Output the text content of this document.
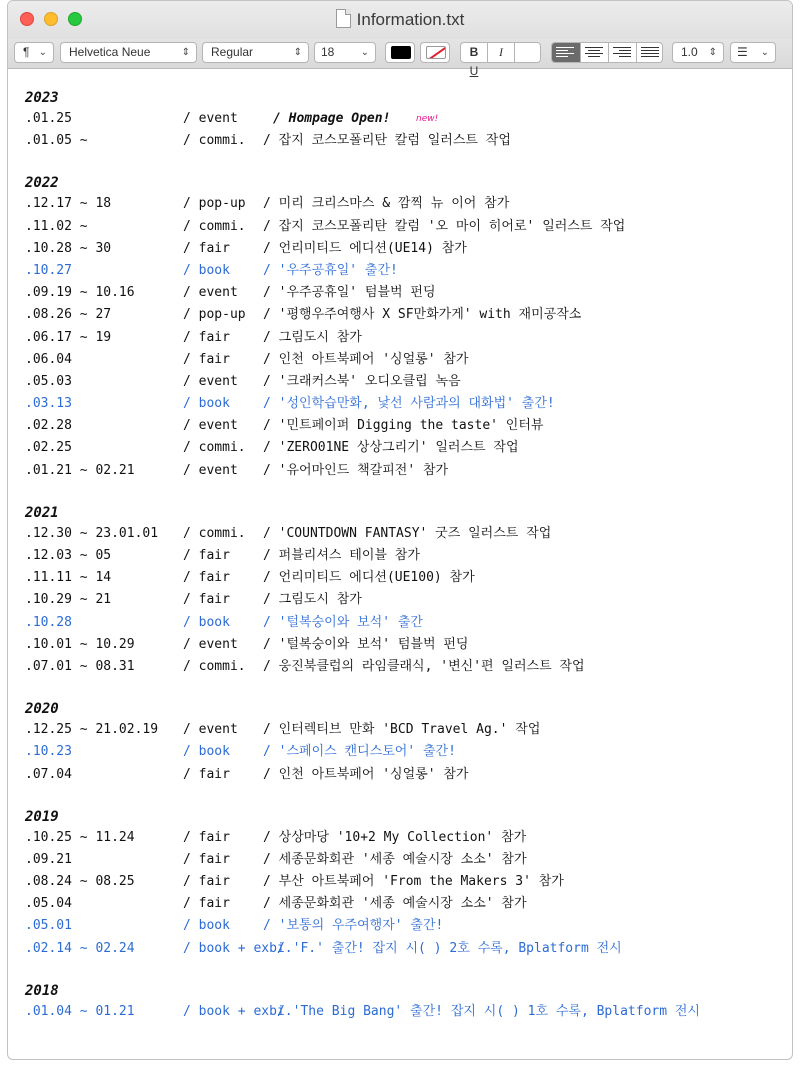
Information.txt
¶ ⌄ Helvetica Neue	⇕ Regular	⇕ 18	⌄	B IU
1.0 ⇕ ☰ ⌄
2023
.01.25	/ event	/ Hompage Open!	new!
.01.05 ~	/ commi. / 잡지 코스모폴리탄 칼럼 일러스트 작업
2022
.12.17 ~ 18	/ pop-up / 미리 크리스마스 & 깜찍 뉴 이어 참가
.11.02 ~	/ commi. / 잡지 코스모폴리탄 칼럼 '오 마이 히어로' 일러스트 작업
.10.28 ~ 30	/ fair	/ 언리미티드 에디션(UE14) 참가
.10.27	/ book	/ '우주공휴일' 출간!
.09.19 ~ 10.16	/ event / '우주공휴일' 텀블벅 펀딩
.08.26 ~ 27	/ pop-up / '평행우주여행사 X SF만화가게' with 재미공작소
.06.17 ~ 19	/ fair	/ 그림도시 참가
.06.04	/ fair	/ 인천 아트북페어 '싱얼롱' 참가
.05.03	/ event / '크래커스북' 오디오클립 녹음
.03.13	/ book	/ '성인학습만화, 낯선 사람과의 대화법' 출간!
.02.28	/ event / '민트페이퍼 Digging the taste' 인터뷰
.02.25	/ commi. / 'ZERO01NE 상상그리기' 일러스트 작업
.01.21 ~ 02.21	/ event / '유어마인드 책갈피전' 참가
2021
.12.30 ~ 23.01.01 / commi. / 'COUNTDOWN FANTASY' 굿즈 일러스트 작업
.12.03 ~ 05	/ fair	/ 퍼블리셔스 테이블 참가
.11.11 ~ 14	/ fair	/ 언리미티드 에디션(UE100) 참가
.10.29 ~ 21	/ fair	/ 그림도시 참가
.10.28	/ book	/ '털복숭이와 보석' 출간
.10.01 ~ 10.29	/ event / '털복숭이와 보석' 텀블벅 펀딩
.07.01 ~ 08.31	/ commi. / 웅진북클럽의 라임클래식, '변신'편 일러스트 작업
2020
.12.25 ~ 21.02.19 / event / 인터렉티브 만화 'BCD Travel Ag.' 작업
.10.23	/ book	/ '스페이스 캔디스토어' 출간!
.07.04	/ fair	/ 인천 아트북페어 '싱얼롱' 참가
2019
.10.25 ~ 11.24	/ fair	/ 상상마당 '10+2 My Collection' 참가
.09.21	/ fair	/ 세종문화회관 '세종 예술시장 소소' 참가
.08.24 ~ 08.25	/ fair	/ 부산 아트북페어 'From the Makers 3' 참가
.05.04	/ fair	/ 세종문화회관 '세종 예술시장 소소' 참가
.05.01	/ book	/ '보통의 우주여행자' 출간!
.02.14 ~ 02.24	/ book + exbi.
/ 'F.' 출간! 잡지 시( ) 2호 수록, Bplatform 전시
2018
.01.04 ~ 01.21	/ book + exbi.
/ 'The Big Bang' 출간! 잡지 시( ) 1호 수록, Bplatform 전시
